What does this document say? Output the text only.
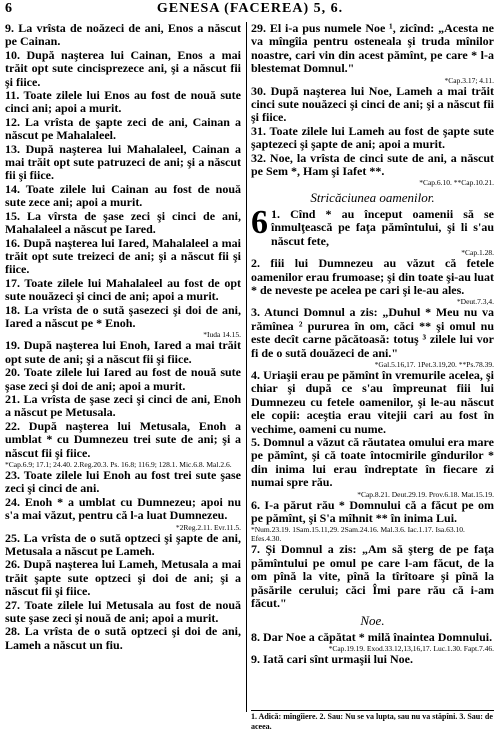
6	GENESA (FACEREA) 5, 6.

9. La vrîsta de noăzeci de ani, Enos a născut pe Cainan.

10. După naşterea lui Cainan, Enos a mai trăit opt sute cincisprezece ani, şi a născut fii şi fiice.

11. Toate zilele lui Enos au fost de nouă sute cinci ani; apoi a murit.

12. La vrîsta de şapte zeci de ani, Cainan a născut pe Mahalaleel.

13. După naşterea lui Mahalaleel, Cainan a mai trăit opt sute patruzeci de ani; şi a născut fii şi fiice.

14. Toate zilele lui Cainan au fost de nouă sute zece ani; apoi a murit.

15. La vîrsta de şase zeci şi cinci de ani, Mahalaleel a născut pe Iared.

16. După naşterea lui Iared, Mahalaleel a mai trăit opt sute treizeci de ani; şi a născut fii şi fiice.

17. Toate zilele lui Mahalaleel au fost de opt sute nouăzeci şi cinci de ani; apoi a murit.

18. La vrîsta de o sută şasezeci şi doi de ani, Iared a născut pe * Enoh.
*Iuda 14.15.

19. După naşterea lui Enoh, Iared a mai trăit opt sute de ani; şi a născut fii şi fiice.

20. Toate zilele lui Iared au fost de nouă sute şase zeci şi doi de ani; apoi a murit.

21. La vrîsta de şase zeci şi cinci de ani, Enoh a născut pe Metusala.

22. După naşterea lui Metusala, Enoh a umblat * cu Dumnezeu trei sute de ani; şi a născut fii şi fiice.
*Cap.6.9; 17.1; 24.40. 2.Reg.20.3. Ps. 16.8; 116.9; 128.1. Mic.6.8. Mal.2.6.

23. Toate zilele lui Enoh au fost trei sute şase zeci şi cinci de ani.

24. Enoh * a umblat cu Dumnezeu; apoi nu s'a mai văzut, pentru că l-a luat Dumnezeu.
*2Reg.2.11. Evr.11.5.

25. La vrîsta de o sută optzeci şi şapte de ani, Metusala a născut pe Lameh.

26. După naşterea lui Lameh, Metusala a mai trăit şapte sute optzeci şi doi de ani; şi a născut fii şi fiice.

27. Toate zilele lui Metusala au fost de nouă sute şase zeci şi nouă de ani; apoi a murit.

28. La vrîsta de o sută optzeci şi doi de ani, Lameh a născut un fiu.

29. El i-a pus numele Noe ¹, zicînd: „Acesta ne va mîngîia pentru osteneala şi truda mînilor noastre, cari vin din acest pămînt, pe care * l-a blestemat Domnul."
*Cap.3.17; 4.11.

30. După naşterea lui Noe, Lameh a mai trăit cinci sute nouăzeci şi cinci de ani; şi a născut fii şi fiice.

31. Toate zilele lui Lameh au fost de şapte sute şaptezeci şi şapte de ani; apoi a murit.

32. Noe, la vrîsta de cinci sute de ani, a născut pe Sem *, Ham şi Iafet **.
*Cap.6.10. **Cap.10.21.

Stricăciunea oamenilor.
6 1. Cînd * au început oamenii să se înmulţească pe faţa pămîntului, şi li s'au născut fete,
*Cap.1.28.

2. fiii lui Dumnezeu au văzut că fetele oamenilor erau frumoase; şi din toate şi-au luat * de neveste pe acelea pe cari şi le-au ales.
*Deut.7.3,4.

3. Atunci Domnul a zis: „Duhul * Meu nu va rămînea ² pururea în om, căci ** şi omul nu este decît carne păcătoasă: totuş ³ zilele lui vor fi de o sută douăzeci de ani."
*Gal.5.16,17. 1Pet.3.19,20. **Ps.78.39.

4. Uriaşii erau pe pămînt în vremurile acelea, şi chiar şi după ce s'au împreunat fiii lui Dumnezeu cu fetele oamenilor, şi le-au născut ele copii: aceştia erau vitejii cari au fost în vechime, oameni cu nume.

5. Domnul a văzut că răutatea omului era mare pe pămînt, şi că toate întocmirile gîndurilor * din inima lui erau îndreptate în fiecare zi numai spre rău.
*Cap.8.21. Deut.29.19. Prov.6.18. Mat.15.19.

6. I-a părut rău * Domnului că a făcut pe om pe pămînt, şi S'a mîhnit ** în inima Lui.
*Num.23.19. 1Sam.15.11,29. 2Sam.24.16. Mal.3.6. Iac.1.17. Isa.63.10. Efes.4.30.

7. Şi Domnul a zis: „Am să şterg de pe faţa pămîntului pe omul pe care l-am făcut, de la om pînă la vite, pînă la tîrîtoare şi pînă la păsările cerului; căci Îmi pare rău că i-am făcut."

Noe.

8. Dar Noe a căpătat * milă înaintea Domnului.
*Cap.19.19. Exod.33.12,13,16,17. Luc.1.30. Fapt.7.46.

9. Iată cari sînt urmaşii lui Noe.

1. Adică: mîngîiere. 2. Sau: Nu se va lupta, sau nu va stăpîni. 3. Sau: de aceea.
